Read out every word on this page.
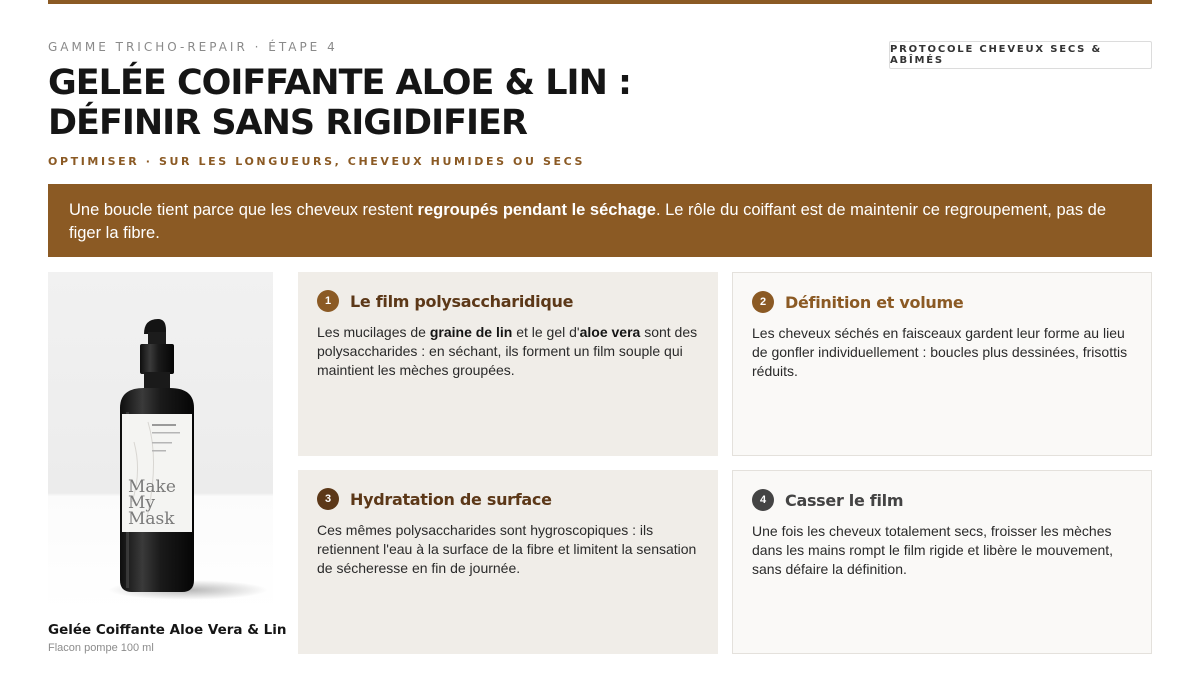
GAMME TRICHO-REPAIR · ÉTAPE 4
GELÉE COIFFANTE ALOE & LIN :
DÉFINIR SANS RIGIDIFIER
OPTIMISER · SUR LES LONGUEURS, CHEVEUX HUMIDES OU SECS
PROTOCOLE CHEVEUX SECS & ABÎMÉS
Une boucle tient parce que les cheveux restent regroupés pendant le séchage. Le rôle du coiffant est de maintenir ce regroupement, pas de figer la fibre.
Make
My
Mask
Gelée Coiffante Aloe Vera & Lin
Flacon pompe 100 ml
1	Le film polysaccharidique
Les mucilages de graine de lin et le gel d'aloe vera sont des polysaccharides : en séchant, ils forment un film souple qui maintient les mèches groupées.
2	Définition et volume
Les cheveux séchés en faisceaux gardent leur forme au lieu de gonfler individuellement : boucles plus dessinées, frisottis réduits.
3	Hydratation de surface
Ces mêmes polysaccharides sont hygroscopiques : ils retiennent l'eau à la surface de la fibre et limitent la sensation de sécheresse en fin de journée.
4	Casser le film
Une fois les cheveux totalement secs, froisser les mèches dans les mains rompt le film rigide et libère le mouvement, sans défaire la définition.
